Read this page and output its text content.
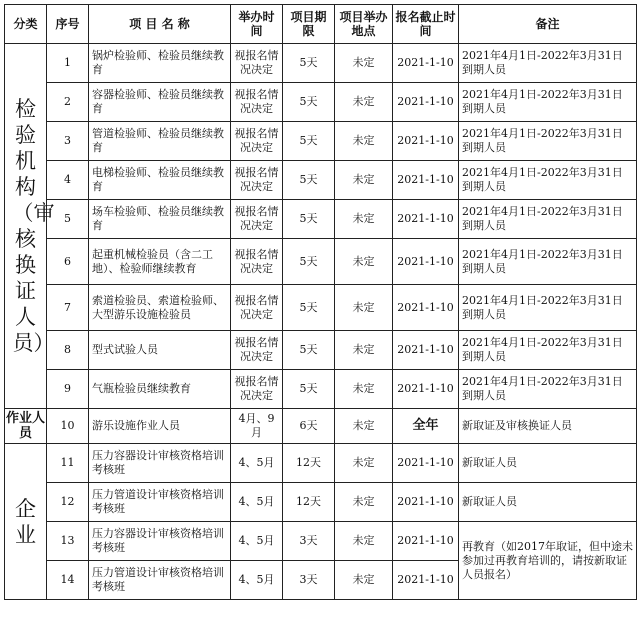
分类	序号	项 目 名 称	举办时间	项目期限	项目举办地点	报名截止时间	备注

检验机构（审核换证人员）	1	锅炉检验师、检验员继续教育	视报名情况决定	5天	未定	2021-1-10	2021年4月1日-2022年3月31日到期人员
	2	容器检验师、检验员继续教育	视报名情况决定	5天	未定	2021-1-10	2021年4月1日-2022年3月31日到期人员
	3	管道检验师、检验员继续教育	视报名情况决定	5天	未定	2021-1-10	2021年4月1日-2022年3月31日到期人员
	4	电梯检验师、检验员继续教育	视报名情况决定	5天	未定	2021-1-10	2021年4月1日-2022年3月31日到期人员
	5	场车检验师、检验员继续教育	视报名情况决定	5天	未定	2021-1-10	2021年4月1日-2022年3月31日到期人员
	6	起重机械检验员（含二工地）、检验师继续教育	视报名情况决定	5天	未定	2021-1-10	2021年4月1日-2022年3月31日到期人员
	7	索道检验员、索道检验师、大型游乐设施检验员	视报名情况决定	5天	未定	2021-1-10	2021年4月1日-2022年3月31日到期人员
	8	型式试验人员	视报名情况决定	5天	未定	2021-1-10	2021年4月1日-2022年3月31日到期人员
	9	气瓶检验员继续教育	视报名情况决定	5天	未定	2021-1-10	2021年4月1日-2022年3月31日到期人员
作业人员	10	游乐设施作业人员	4月、9月	6天	未定	全年	新取证及审核换证人员

企业	11	压力容器设计审核资格培训考核班	4、5月	12天	未定	2021-1-10	新取证人员
	12	压力管道设计审核资格培训考核班	4、5月	12天	未定	2021-1-10	新取证人员
	13	压力容器设计审核资格培训考核班	4、5月	3天	未定	2021-1-10	再教育（如2017年取证，但中途未参加过再教育培训的，请按新取证人员报名）
	14	压力管道设计审核资格培训考核班	4、5月	3天	未定	2021-1-10	
